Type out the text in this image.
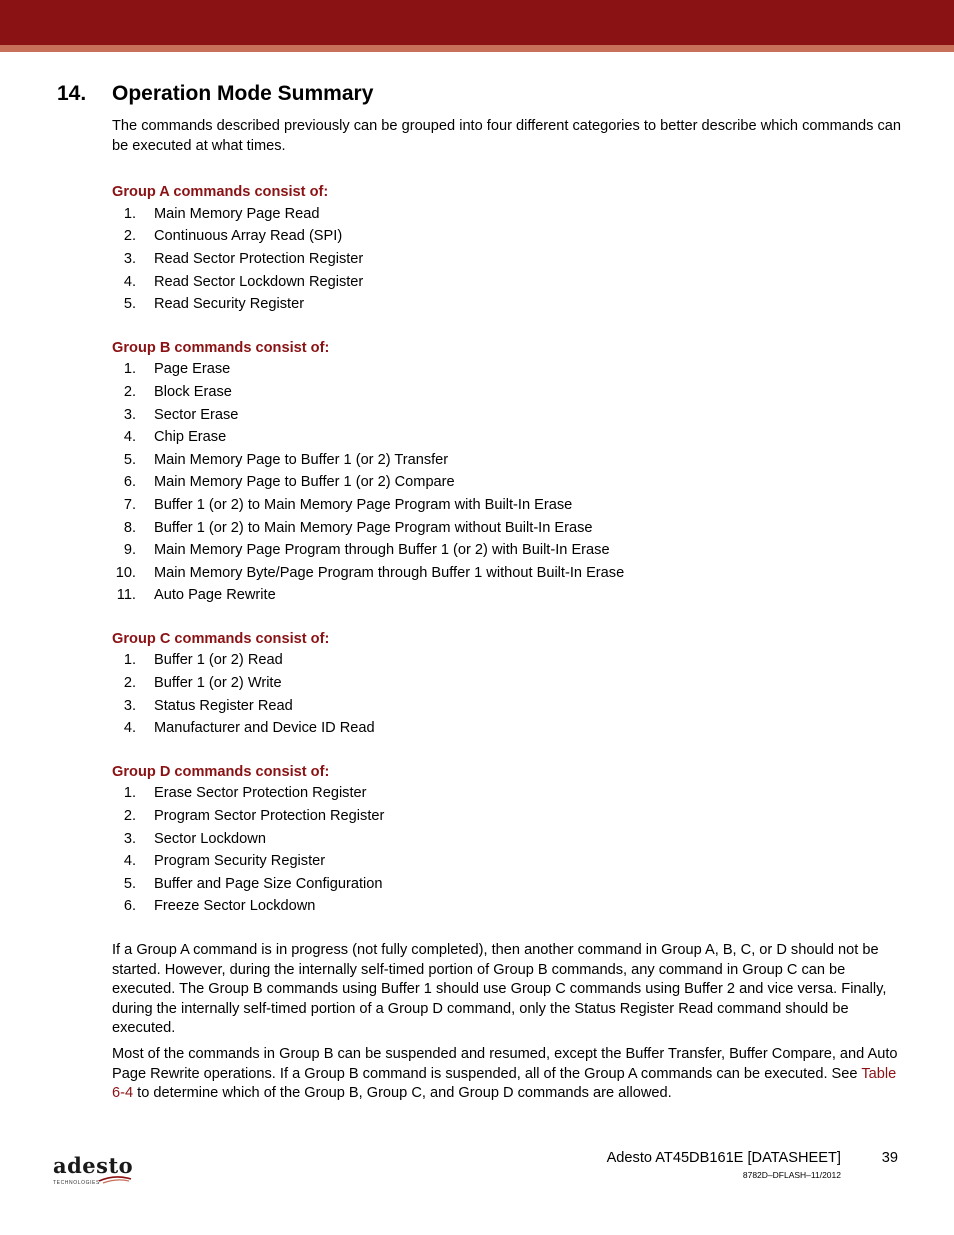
14. Operation Mode Summary

The commands described previously can be grouped into four different categories to better describe which commands can be executed at what times.

Group A commands consist of:
1. Main Memory Page Read
2. Continuous Array Read (SPI)
3. Read Sector Protection Register
4. Read Sector Lockdown Register
5. Read Security Register
Group B commands consist of:
1. Page Erase
2. Block Erase
3. Sector Erase
4. Chip Erase
5. Main Memory Page to Buffer 1 (or 2) Transfer
6. Main Memory Page to Buffer 1 (or 2) Compare
7. Buffer 1 (or 2) to Main Memory Page Program with Built-In Erase
8. Buffer 1 (or 2) to Main Memory Page Program without Built-In Erase
9. Main Memory Page Program through Buffer 1 (or 2) with Built-In Erase
10. Main Memory Byte/Page Program through Buffer 1 without Built-In Erase
11. Auto Page Rewrite
Group C commands consist of:
1. Buffer 1 (or 2) Read
2. Buffer 1 (or 2) Write
3. Status Register Read
4. Manufacturer and Device ID Read
Group D commands consist of:
1. Erase Sector Protection Register
2. Program Sector Protection Register
3. Sector Lockdown
4. Program Security Register
5. Buffer and Page Size Configuration
6. Freeze Sector Lockdown

If a Group A command is in progress (not fully completed), then another command in Group A, B, C, or D should not be started. However, during the internally self-timed portion of Group B commands, any command in Group C can be executed. The Group B commands using Buffer 1 should use Group C commands using Buffer 2 and vice versa. Finally, during the internally self-timed portion of a Group D command, only the Status Register Read command should be executed.

Most of the commands in Group B can be suspended and resumed, except the Buffer Transfer, Buffer Compare, and Auto Page Rewrite operations. If a Group B command is suspended, all of the Group A commands can be executed. See Table 6-4 to determine which of the Group B, Group C, and Group D commands are allowed.

adesto
TECHNOLOGIES
Adesto AT45DB161E [DATASHEET]	39
8782D–DFLASH–11/2012
